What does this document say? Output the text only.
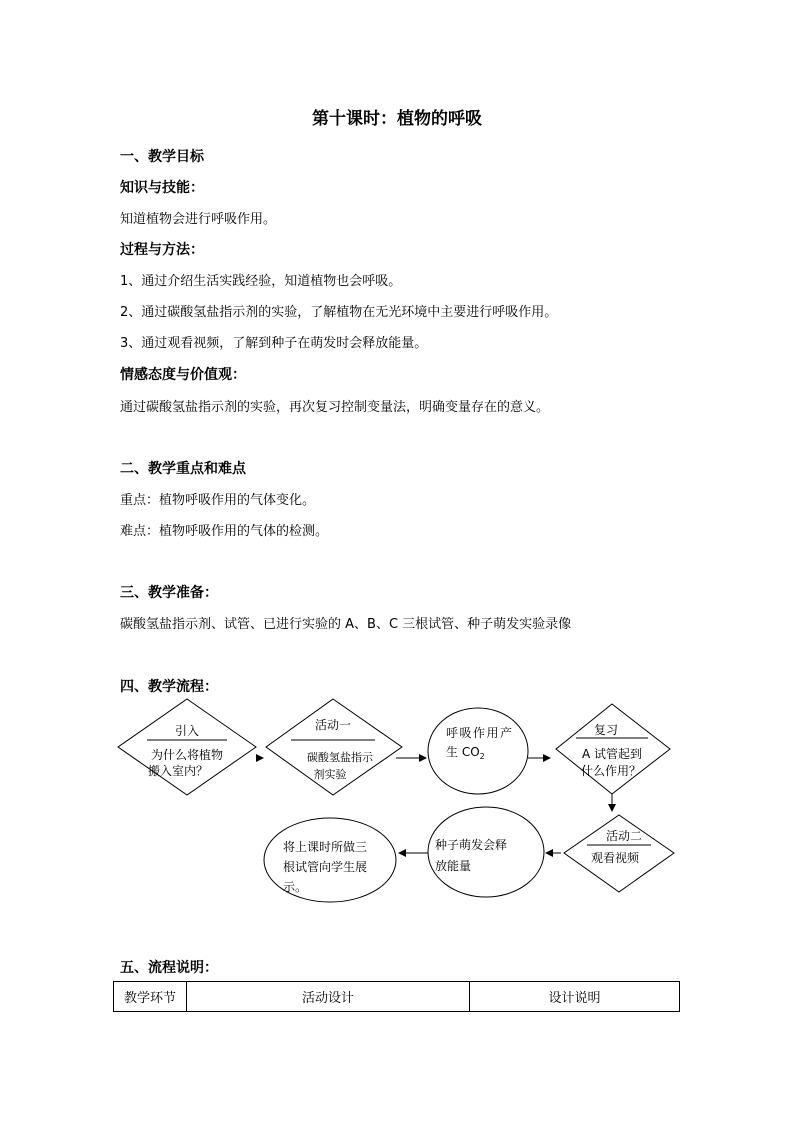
第十课时：植物的呼吸
一、教学目标
知识与技能：
知道植物会进行呼吸作用。
过程与方法：
1、通过介绍生活实践经验，知道植物也会呼吸。
2、通过碳酸氢盐指示剂的实验，了解植物在无光环境中主要进行呼吸作用。
3、通过观看视频，了解到种子在萌发时会释放能量。
情感态度与价值观：
通过碳酸氢盐指示剂的实验，再次复习控制变量法，明确变量存在的意义。
二、教学重点和难点
重点：植物呼吸作用的气体变化。
难点：植物呼吸作用的气体的检测。
三、教学准备：
碳酸氢盐指示剂、试管、已进行实验的 A、B、C 三根试管、种子萌发实验录像
四、教学流程：
引入
为什么将植物
搬入室内？
活动一
碳酸氢盐指示
剂实验
呼吸作用产
生 $CO_2$
复习
A 试管起到
什么作用？
活动二
观看视频
种子萌发会释
放能量
将上课时所做三
根试管向学生展
示。
五、流程说明：
教学环节	活动设计	设计说明
